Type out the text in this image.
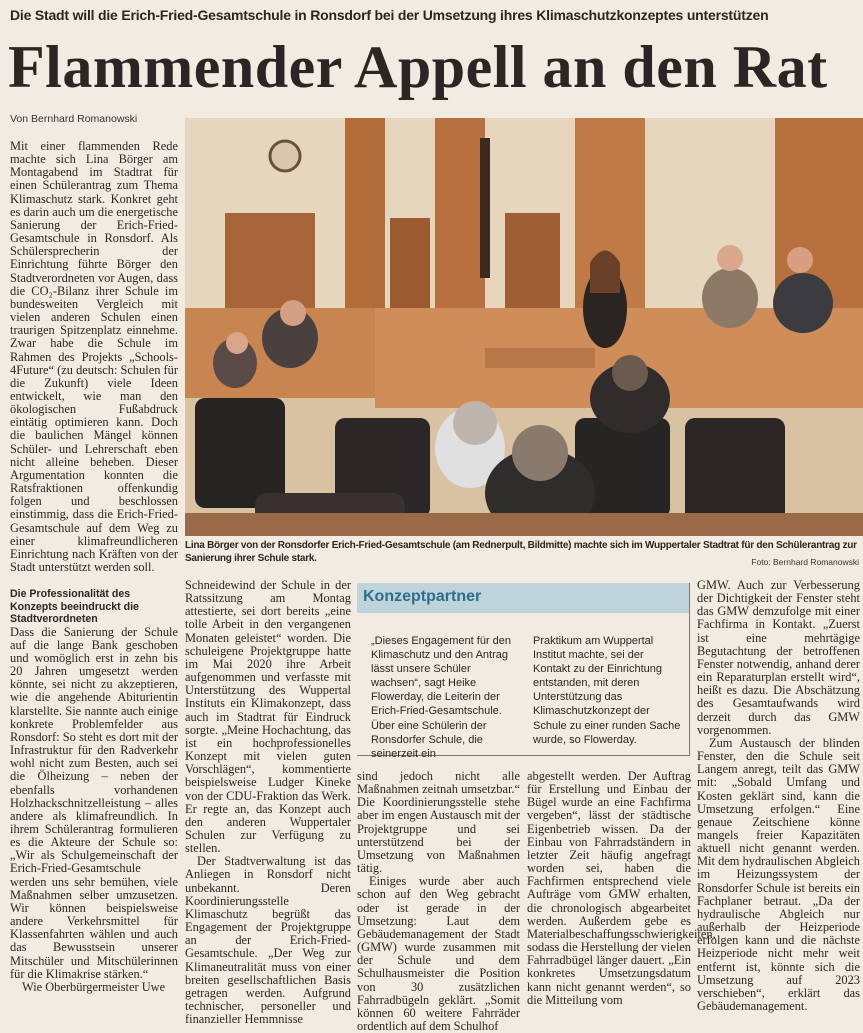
Die Stadt will die Erich-Fried-Gesamtschule in Ronsdorf bei der Umsetzung ihres Klimaschutzkonzeptes unterstützen
Flammender Appell an den Rat
Von Bernhard Romanowski

Mit einer flammenden Rede machte sich Lina Börger am Montagabend im Stadtrat für einen Schülerantrag zum Thema Klimaschutz stark. Konkret geht es darin auch um die energetische Sanierung der Erich-Fried-Gesamtschule in Ronsdorf. Als Schülersprecherin der Einrichtung führte Börger den Stadtverordneten vor Augen, dass die CO₂-Bilanz ihrer Schule im bundesweiten Vergleich mit vielen anderen Schulen einen traurigen Spitzenplatz einnehme. Zwar habe die Schule im Rahmen des Projekts „Schools-4Future“ (zu deutsch: Schulen für die Zukunft) viele Ideen entwickelt, wie man den ökologischen Fußabdruck eintätig optimieren kann. Doch die baulichen Mängel können Schüler- und Lehrerschaft eben nicht alleine beheben. Dieser Argumentation konnten die Ratsfraktionen offenkundig folgen und beschlossen einstimmig, dass die Erich-Fried-Gesamtschule auf dem Weg zu einer klimafreundlicheren Einrichtung nach Kräften von der Stadt unterstützt werden soll.

Die Professionalität des Konzepts beeindruckt die Stadtverordneten

Dass die Sanierung der Schule auf die lange Bank geschoben und womöglich erst in zehn bis 20 Jahren umgesetzt werden könnte, sei nicht zu akzeptieren, wie die angehende Abiturientin klarstellte. Sie nannte auch einige konkrete Problemfelder aus Ronsdorf: So steht es dort mit der Infrastruktur für den Radverkehr wohl nicht zum Besten, auch sei die Ölheizung – neben der ebenfalls vorhandenen Holzhackschnitzelleistung – alles andere als klimafreundlich. In ihrem Schülerantrag formulieren es die Akteure der Schule so: „Wir als Schulgemeinschaft der Erich-Fried-Gesamtschule werden uns sehr bemühen, viele Maßnahmen selber umzusetzen. Wir können beispielsweise andere Verkehrsmittel für Klassenfahrten wählen und auch das Bewusstsein unserer Mitschüler und Mitschülerinnen für die Klimakrise stärken.“

Wie Oberbürgermeister Uwe

Lina Börger von der Ronsdorfer Erich-Fried-Gesamtschule (am Rednerpult, Bildmitte) machte sich im Wuppertaler Stadtrat für den Schülerantrag zur Sanierung ihrer Schule stark.	Foto: Bernhard Romanowski

Schneidewind der Schule in der Ratssitzung am Montag attestierte, sei dort bereits „eine tolle Arbeit in den vergangenen Monaten geleistet“ worden. Die schuleigene Projektgruppe hatte im Mai 2020 ihre Arbeit aufgenommen und verfasste mit Unterstützung des Wuppertal Instituts ein Klimakonzept, dass auch im Stadtrat für Eindruck sorgte. „Meine Hochachtung, das ist ein hochprofessionelles Konzept mit vielen guten Vorschlägen“, kommentierte beispielsweise Ludger Kineke von der CDU-Fraktion das Werk. Er regte an, das Konzept auch den anderen Wuppertaler Schulen zur Verfügung zu stellen.

Der Stadtverwaltung ist das Anliegen in Ronsdorf nicht unbekannt. Deren Koordinierungsstelle Klimaschutz begrüßt das Engagement der Projektgruppe an der Erich-Fried-Gesamtschule. „Der Weg zur Klimaneutralität muss von einer breiten gesellschaftlichen Basis getragen werden. Aufgrund technischer, personeller und finanzieller Hemmnisse

Konzeptpartner
„Dieses Engagement für den Klimaschutz und den Antrag lässt unsere Schüler wachsen“, sagt Heike Flowerday, die Leiterin der Erich-Fried-Gesamtschule. Über eine Schülerin der Ronsdorfer Schule, die seinerzeit ein
Praktikum am Wuppertal Institut machte, sei der Kontakt zu der Einrichtung entstanden, mit deren Unterstützung das Klimaschutzkonzept der Schule zu einer runden Sache wurde, so Flowerday.

sind jedoch nicht alle Maßnahmen zeitnah umsetzbar.“ Die Koordinierungsstelle stehe aber im engen Austausch mit der Projektgruppe und sei unterstützend bei der Umsetzung von Maßnahmen tätig.

Einiges wurde aber auch schon auf den Weg gebracht oder ist gerade in der Umsetzung: Laut dem Gebäudemanagement der Stadt (GMW) wurde zusammen mit der Schule und dem Schulhausmeister die Position von 30 zusätzlichen Fahrradbügeln geklärt. „Somit können 60 weitere Fahrräder ordentlich auf dem Schulhof

abgestellt werden. Der Auftrag für Erstellung und Einbau der Bügel wurde an eine Fachfirma vergeben“, lässt der städtische Eigenbetrieb wissen. Da der Einbau von Fahrradständern in letzter Zeit häufig angefragt worden sei, haben die Fachfirmen entsprechend viele Aufträge vom GMW erhalten, die chronologisch abgearbeitet werden. Außerdem gebe es Materialbeschaffungsschwierigkeiten, sodass die Herstellung der vielen Fahrradbügel länger dauert. „Ein konkretes Umsetzungsdatum kann nicht genannt werden“, so die Mitteilung vom

GMW. Auch zur Verbesserung der Dichtigkeit der Fenster steht das GMW demzufolge mit einer Fachfirma in Kontakt. „Zuerst ist eine mehrtägige Begutachtung der betroffenen Fenster notwendig, anhand derer ein Reparaturplan erstellt wird“, heißt es dazu. Die Abschätzung des Gesamtaufwands wird derzeit durch das GMW vorgenommen.

Zum Austausch der blinden Fenster, den die Schule seit Langem anregt, teilt das GMW mit: „Sobald Umfang und Kosten geklärt sind, kann die Umsetzung erfolgen.“ Eine genaue Zeitschiene könne mangels freier Kapazitäten aktuell nicht genannt werden. Mit dem hydraulischen Abgleich im Heizungssystem der Ronsdorfer Schule ist bereits ein Fachplaner betraut. „Da der hydraulische Abgleich nur außerhalb der Heizperiode erfolgen kann und die nächste Heizperiode nicht mehr weit entfernt ist, könnte sich die Umsetzung auf 2023 verschieben“, erklärt das Gebäudemanagement.
